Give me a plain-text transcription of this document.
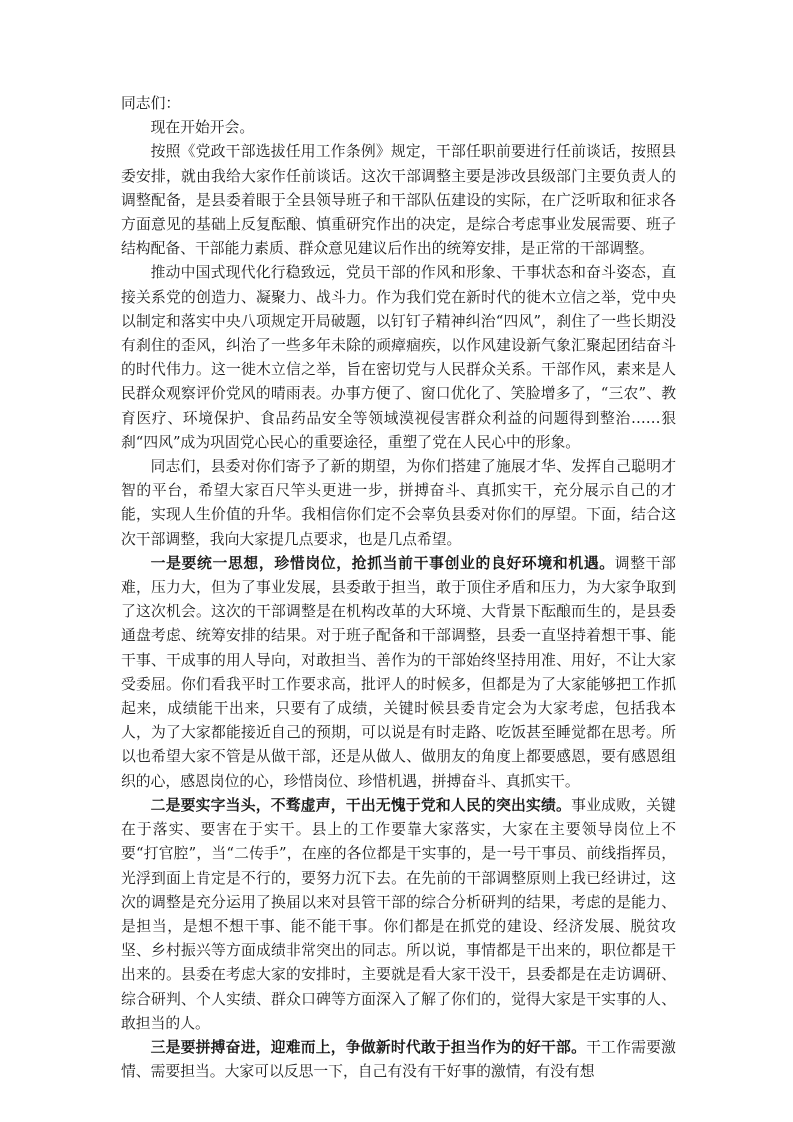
同志们：

现在开始开会。

按照《党政干部选拔任用工作条例》规定，干部任职前要进行任前谈话，按照县委安排，就由我给大家作任前谈话。这次干部调整主要是涉改县级部门主要负责人的调整配备，是县委着眼于全县领导班子和干部队伍建设的实际，在广泛听取和征求各方面意见的基础上反复酝酿、慎重研究作出的决定，是综合考虑事业发展需要、班子结构配备、干部能力素质、群众意见建议后作出的统筹安排，是正常的干部调整。

推动中国式现代化行稳致远，党员干部的作风和形象、干事状态和奋斗姿态，直接关系党的创造力、凝聚力、战斗力。作为我们党在新时代的徙木立信之举，党中央以制定和落实中央八项规定开局破题，以钉钉子精神纠治“四风”，刹住了一些长期没有刹住的歪风，纠治了一些多年未除的顽瘴痼疾，以作风建设新气象汇聚起团结奋斗的时代伟力。这一徙木立信之举，旨在密切党与人民群众关系。干部作风，素来是人民群众观察评价党风的晴雨表。办事方便了、窗口优化了、笑脸增多了，“三农”、教育医疗、环境保护、食品药品安全等领域漠视侵害群众利益的问题得到整治……狠刹“四风”成为巩固党心民心的重要途径，重塑了党在人民心中的形象。

同志们，县委对你们寄予了新的期望，为你们搭建了施展才华、发挥自己聪明才智的平台，希望大家百尺竿头更进一步，拼搏奋斗、真抓实干，充分展示自己的才能，实现人生价值的升华。我相信你们定不会辜负县委对你们的厚望。下面，结合这次干部调整，我向大家提几点要求，也是几点希望。

一是要统一思想，珍惜岗位，抢抓当前干事创业的良好环境和机遇。调整干部难，压力大，但为了事业发展，县委敢于担当，敢于顶住矛盾和压力，为大家争取到了这次机会。这次的干部调整是在机构改革的大环境、大背景下酝酿而生的，是县委通盘考虑、统筹安排的结果。对于班子配备和干部调整，县委一直坚持着想干事、能干事、干成事的用人导向，对敢担当、善作为的干部始终坚持用准、用好，不让大家受委屈。你们看我平时工作要求高，批评人的时候多，但都是为了大家能够把工作抓起来，成绩能干出来，只要有了成绩，关键时候县委肯定会为大家考虑，包括我本人，为了大家都能接近自己的预期，可以说是有时走路、吃饭甚至睡觉都在思考。所以也希望大家不管是从做干部，还是从做人、做朋友的角度上都要感恩，要有感恩组织的心，感恩岗位的心，珍惜岗位、珍惜机遇，拼搏奋斗、真抓实干。

二是要实字当头，不骛虚声，干出无愧于党和人民的突出实绩。事业成败，关键在于落实、要害在于实干。县上的工作要靠大家落实，大家在主要领导岗位上不要“打官腔”，当“二传手”，在座的各位都是干实事的，是一号干事员、前线指挥员，光浮到面上肯定是不行的，要努力沉下去。在先前的干部调整原则上我已经讲过，这次的调整是充分运用了换届以来对县管干部的综合分析研判的结果，考虑的是能力、是担当，是想不想干事、能不能干事。你们都是在抓党的建设、经济发展、脱贫攻坚、乡村振兴等方面成绩非常突出的同志。所以说，事情都是干出来的，职位都是干出来的。县委在考虑大家的安排时，主要就是看大家干没干，县委都是在走访调研、综合研判、个人实绩、群众口碑等方面深入了解了你们的，觉得大家是干实事的人、敢担当的人。

三是要拼搏奋进，迎难而上，争做新时代敢于担当作为的好干部。干工作需要激情、需要担当。大家可以反思一下，自己有没有干好事的激情，有没有想
